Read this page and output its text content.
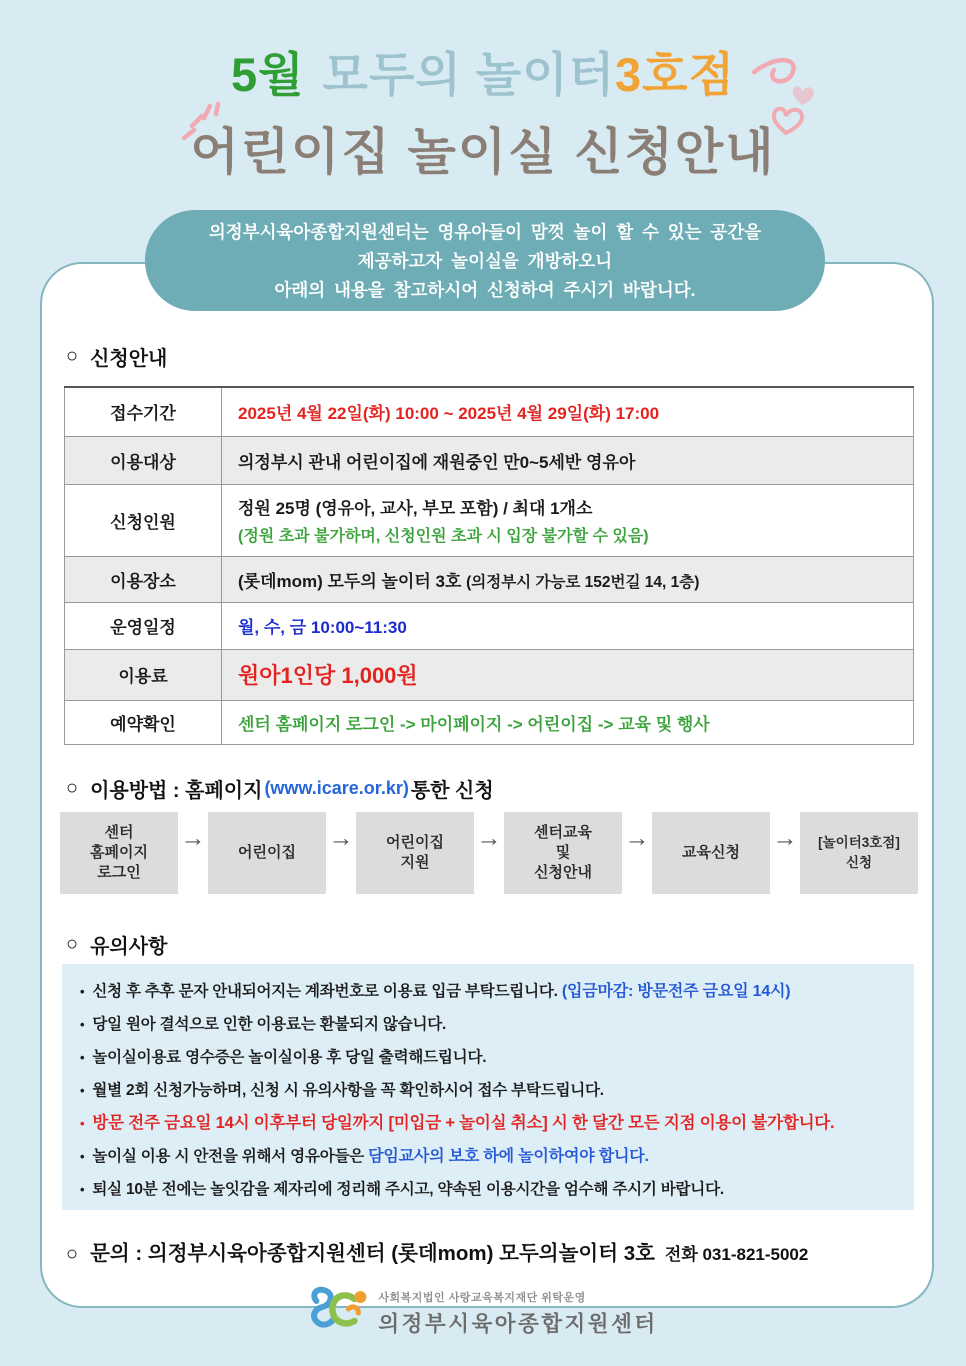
5월 모두의 놀이터3호점
어린이집 놀이실 신청안내
의정부시육아종합지원센터는 영유아들이 맘껏 놀이 할 수 있는 공간을
제공하고자 놀이실을 개방하오니
아래의 내용을 참고하시어 신청하여 주시기 바랍니다.
○ 신청안내
접수기간	2025년 4월 22일(화) 10:00 ~ 2025년 4월 29일(화) 17:00
이용대상	의정부시 관내 어린이집에 재원중인 만0~5세반 영유아
신청인원	정원 25명 (영유아, 교사, 부모 포함) / 최대 1개소
(정원 초과 불가하며, 신청인원 초과 시 입장 불가할 수 있음)

이용장소	(롯데mom) 모두의 놀이터 3호 (의정부시 가능로 152번길 14, 1층)
운영일정	월, 수, 금 10:00~11:30
이용료	원아1인당 1,000원
예약확인	센터 홈페이지 로그인 -> 마이페이지 -> 어린이집 -> 교육 및 행사
○ 이용방법 : 홈페이지 (www.icare.or.kr) 통한 신청
센터
홈페이지
로그인
→
어린이집
→	어린이집
지원
→	센터교육
및
신청안내
→
교육신청
→	[놀이터3호점]
신청
○ 유의사항
• 신청 후 추후 문자 안내되어지는 계좌번호로 이용료 입금 부탁드립니다. (입금마감: 방문전주 금요일 14시)
• 당일 원아 결석으로 인한 이용료는 환불되지 않습니다.
• 놀이실이용료 영수증은 놀이실이용 후 당일 출력해드립니다.
• 월별 2회 신청가능하며, 신청 시 유의사항을 꼭 확인하시어 접수 부탁드립니다.
• 방문 전주 금요일 14시 이후부터 당일까지 [미입금 + 놀이실 취소] 시 한 달간 모든 지점 이용이 불가합니다.
• 놀이실 이용 시 안전을 위해서 영유아들은 담임교사의 보호 하에 놀이하여야 합니다.
• 퇴실 10분 전에는 놀잇감을 제자리에 정리해 주시고, 약속된 이용시간을 엄수해 주시기 바랍니다.
○ 문의 : 의정부시육아종합지원센터 (롯데mom) 모두의놀이터 3호 전화 031-821-5002
사회복지법인 사랑교육복지재단 위탁운영
의정부시육아종합지원센터
